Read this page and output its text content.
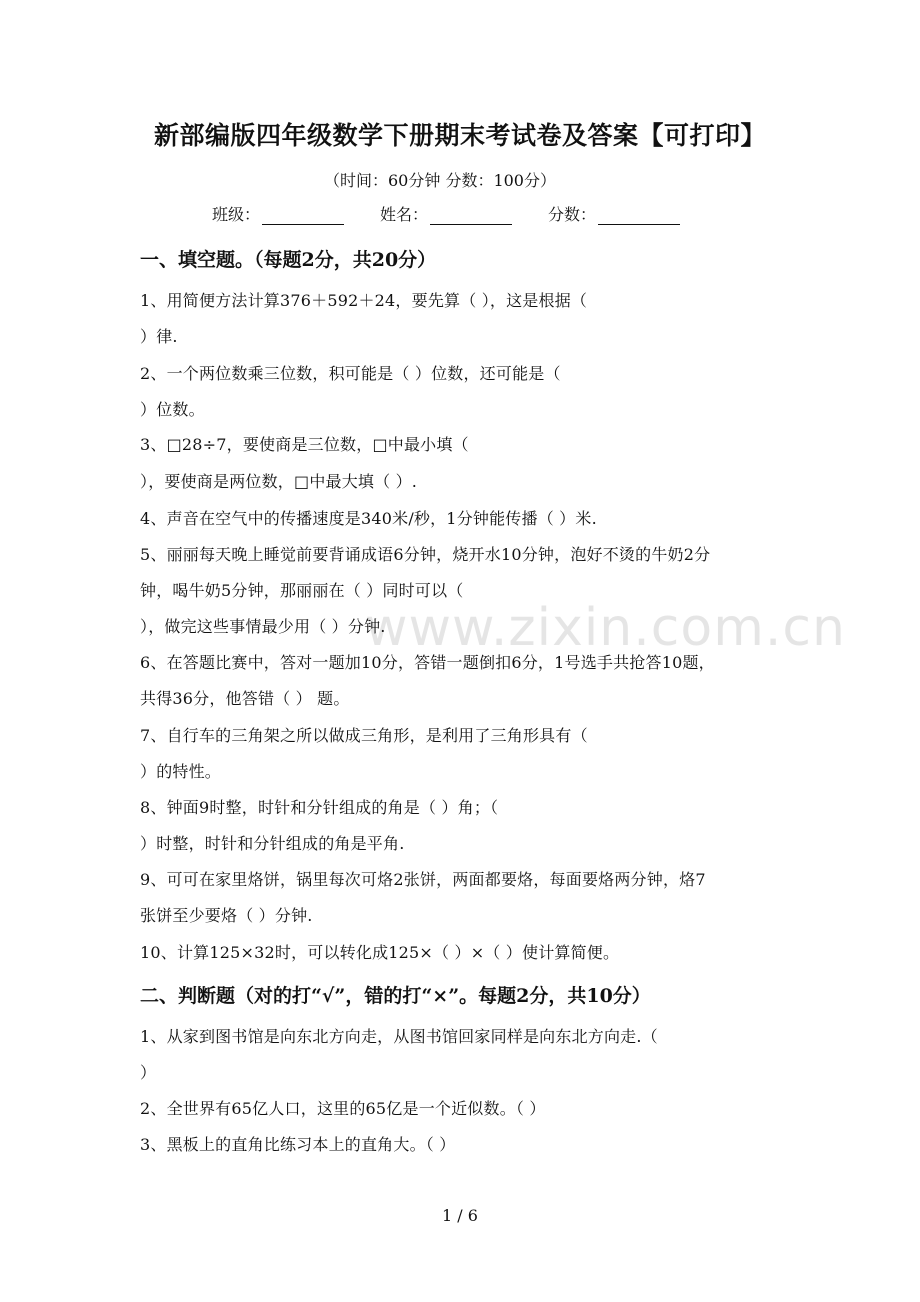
www.zixin.com.cn
新部编版四年级数学下册期末考试卷及答案【可打印】
（时间：60分钟 分数：100分）
班级：	姓名：	分数：
一、填空题。（每题2分，共20分）
1、用简便方法计算376＋592＋24，要先算（ ），这是根据（
）律.
2、一个两位数乘三位数，积可能是（ ）位数，还可能是（
）位数。
3、□28÷7，要使商是三位数，□中最小填（
），要使商是两位数，□中最大填（ ）.
4、声音在空气中的传播速度是340米/秒，1分钟能传播（ ）米.
5、丽丽每天晚上睡觉前要背诵成语6分钟，烧开水10分钟，泡好不烫的牛奶2分
钟，喝牛奶5分钟，那丽丽在（ ）同时可以（
），做完这些事情最少用（ ）分钟.
6、在答题比赛中，答对一题加10分，答错一题倒扣6分，1号选手共抢答10题，
共得36分，他答错（ ） 题。
7、自行车的三角架之所以做成三角形，是利用了三角形具有（
）的特性。
8、钟面9时整，时针和分针组成的角是（ ）角；（
）时整，时针和分针组成的角是平角.
9、可可在家里烙饼，锅里每次可烙2张饼，两面都要烙，每面要烙两分钟，烙7
张饼至少要烙（ ）分钟.
10、计算125×32时，可以转化成125×（ ）×（ ）使计算简便。
二、判断题（对的打“√”，错的打“×”。每题2分，共10分）
1、从家到图书馆是向东北方向走，从图书馆回家同样是向东北方向走.（
）
2、全世界有65亿人口，这里的65亿是一个近似数。（ ）
3、黑板上的直角比练习本上的直角大。（ ）
1 / 6
